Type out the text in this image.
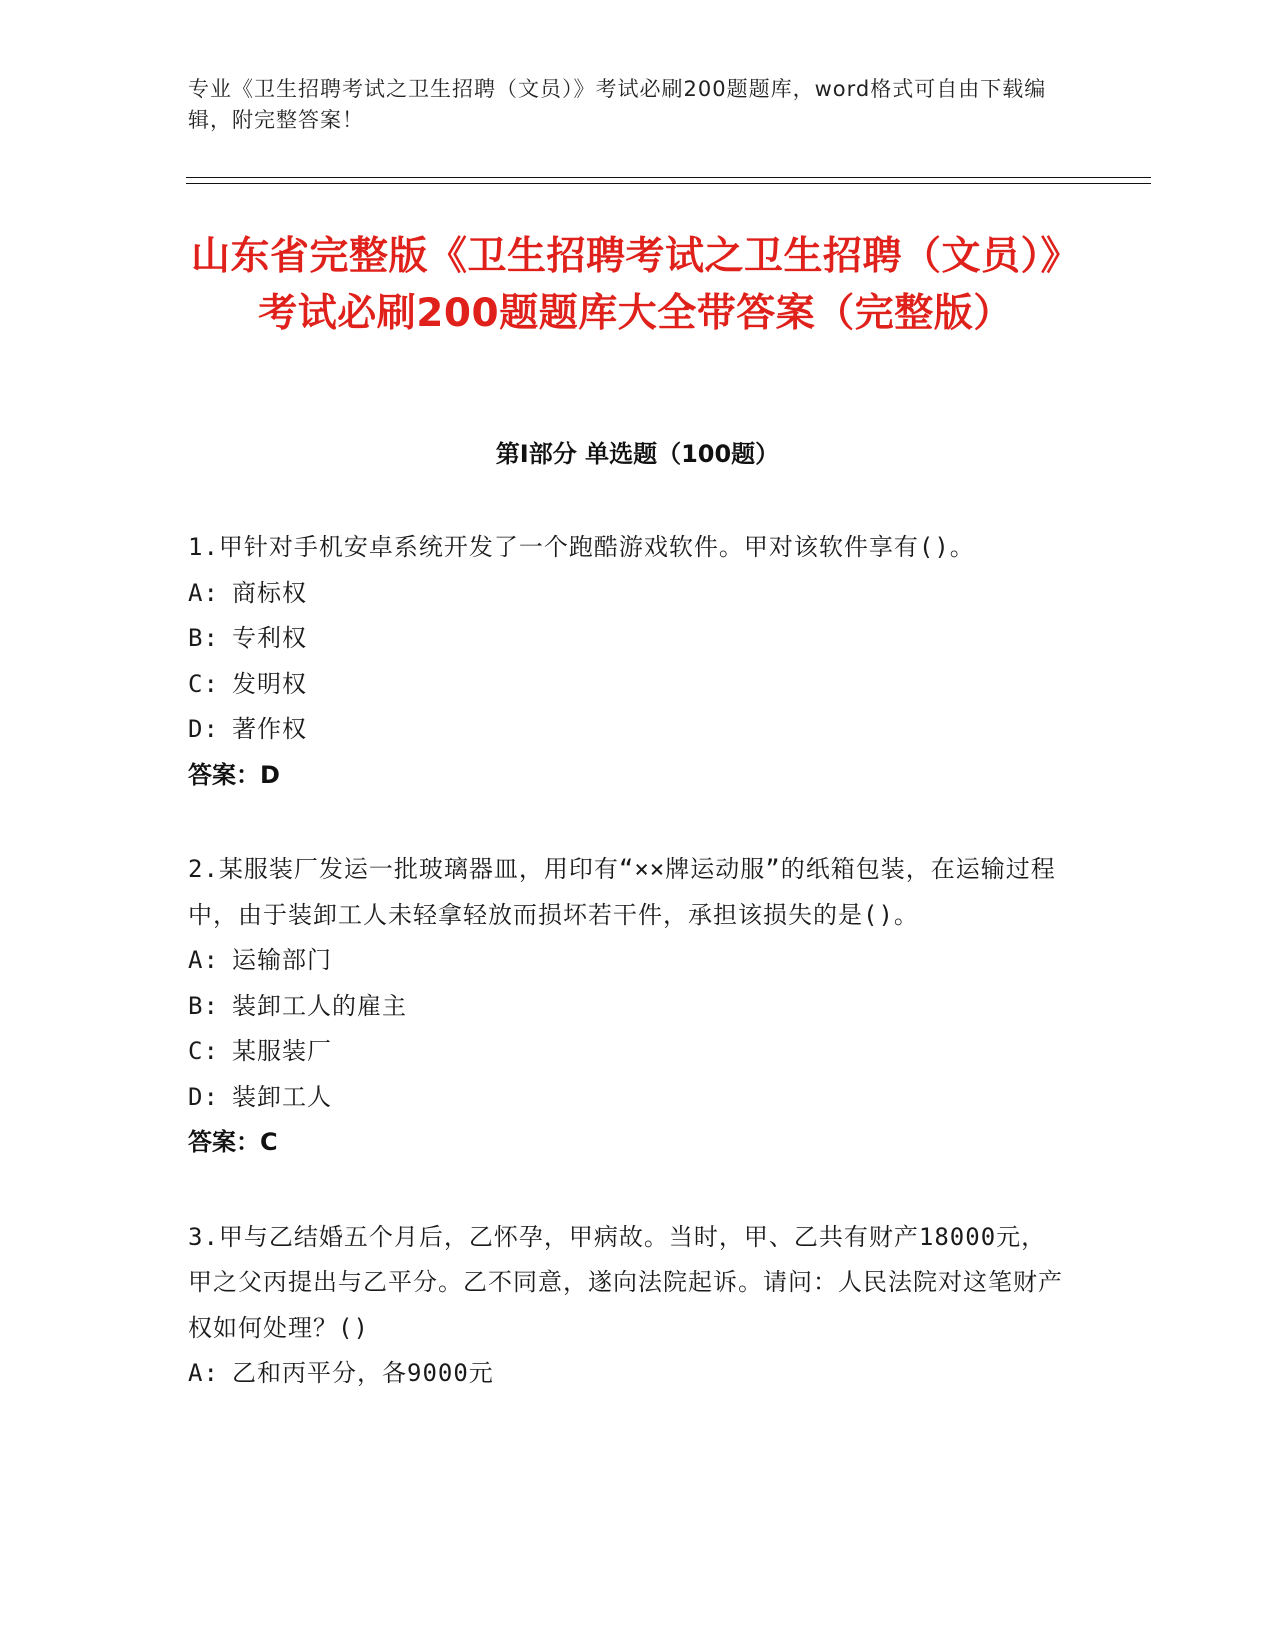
专业《卫生招聘考试之卫生招聘（文员）》考试必刷200题题库，word格式可自由下载编辑，附完整答案！
山东省完整版《卫生招聘考试之卫生招聘（文员）》考试必刷200题题库大全带答案（完整版）
第Ⅰ部分 单选题（100题）
1.甲针对手机安卓系统开发了一个跑酷游戏软件。甲对该软件享有()。
A: 商标权
B: 专利权
C: 发明权
D: 著作权
答案：D
2.某服装厂发运一批玻璃器皿，用印有“××牌运动服”的纸箱包装，在运输过程中，由于装卸工人未轻拿轻放而损坏若干件，承担该损失的是()。
A: 运输部门
B: 装卸工人的雇主
C: 某服装厂
D: 装卸工人
答案：C
3.甲与乙结婚五个月后，乙怀孕，甲病故。当时，甲、乙共有财产18000元，甲之父丙提出与乙平分。乙不同意，遂向法院起诉。请问：人民法院对这笔财产权如何处理？()
A: 乙和丙平分，各9000元
